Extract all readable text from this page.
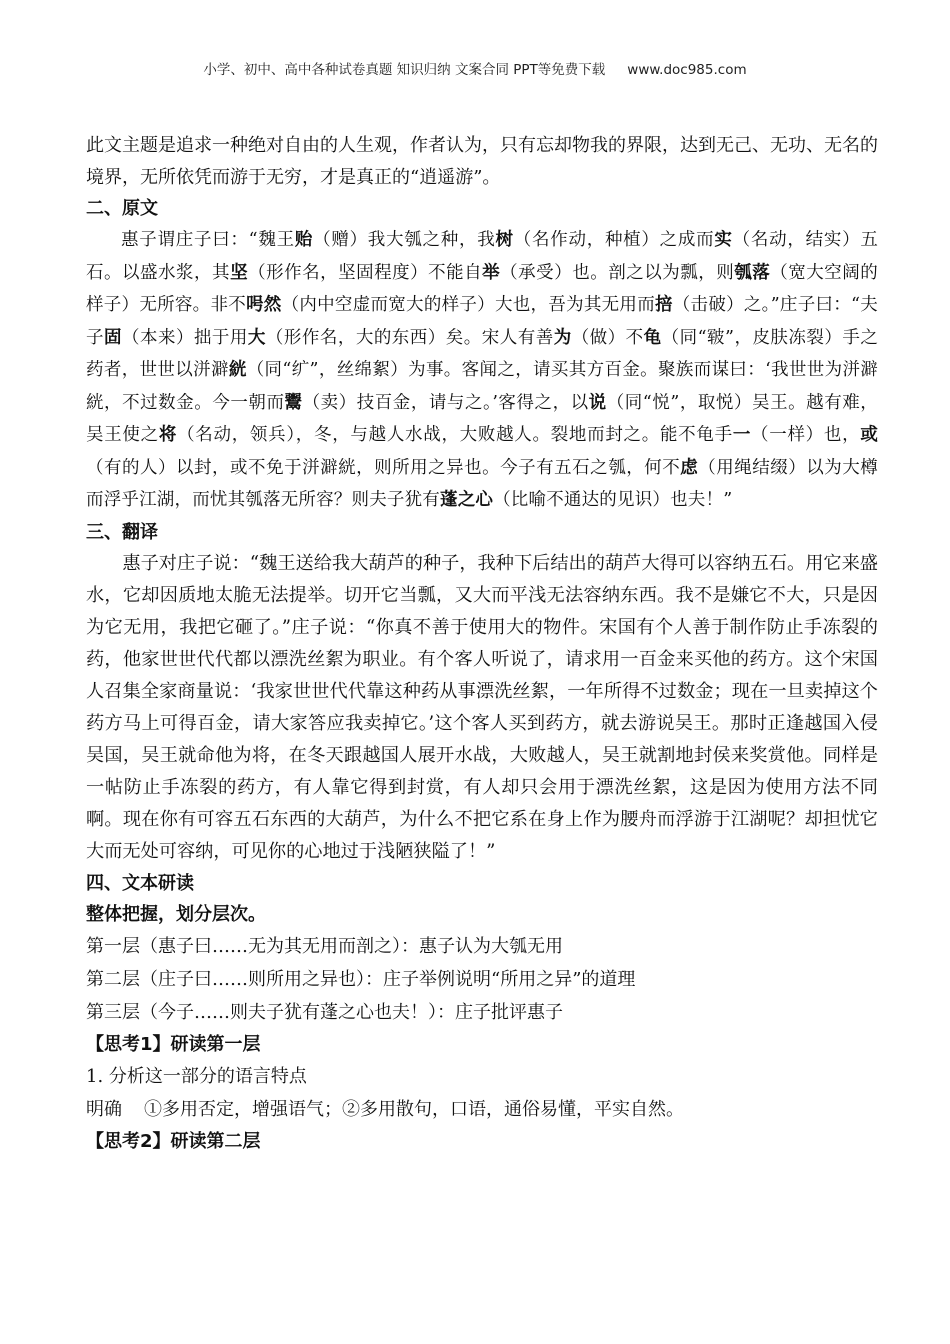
小学、初中、高中各种试卷真题 知识归纳 文案合同 PPT等免费下载 www.doc985.com

此文主题是追求一种绝对自由的人生观，作者认为，只有忘却物我的界限，达到无己、无功、无名的境界，无所依凭而游于无穷，才是真正的“逍遥游”。

二、原文

惠子谓庄子曰：“魏王贻（赠）我大瓠之种，我树（名作动，种植）之成而实（名动，结实）五石。以盛水浆，其坚（形作名，坚固程度）不能自举（承受）也。剖之以为瓢，则瓠落（宽大空阔的样子）无所容。非不呺然（内中空虚而宽大的样子）大也，吾为其无用而掊（击破）之。”庄子曰：“夫子固（本来）拙于用大（形作名，大的东西）矣。宋人有善为（做）不龟（同“皲”，皮肤冻裂）手之药者，世世以洴澼絖（同“纩”，丝绵絮）为事。客闻之，请买其方百金。聚族而谋曰：‘我世世为洴澼絖，不过数金。今一朝而鬻（卖）技百金，请与之。’客得之，以说（同“悦”，取悦）吴王。越有难，吴王使之将（名动，领兵），冬，与越人水战，大败越人。裂地而封之。能不龟手一（一样）也，或（有的人）以封，或不免于洴澼絖，则所用之异也。今子有五石之瓠，何不虑（用绳结缀）以为大樽而浮乎江湖，而忧其瓠落无所容？则夫子犹有蓬之心（比喻不通达的见识）也夫！”

三、翻译

惠子对庄子说：“魏王送给我大葫芦的种子，我种下后结出的葫芦大得可以容纳五石。用它来盛水，它却因质地太脆无法提举。切开它当瓢，又大而平浅无法容纳东西。我不是嫌它不大，只是因为它无用，我把它砸了。”庄子说：“你真不善于使用大的物件。宋国有个人善于制作防止手冻裂的药，他家世世代代都以漂洗丝絮为职业。有个客人听说了，请求用一百金来买他的药方。这个宋国人召集全家商量说：‘我家世世代代靠这种药从事漂洗丝絮，一年所得不过数金；现在一旦卖掉这个药方马上可得百金，请大家答应我卖掉它。’这个客人买到药方，就去游说吴王。那时正逢越国入侵吴国，吴王就命他为将，在冬天跟越国人展开水战，大败越人，吴王就割地封侯来奖赏他。同样是一帖防止手冻裂的药方，有人靠它得到封赏，有人却只会用于漂洗丝絮，这是因为使用方法不同啊。现在你有可容五石东西的大葫芦，为什么不把它系在身上作为腰舟而浮游于江湖呢？却担忧它大而无处可容纳，可见你的心地过于浅陋狭隘了！”

四、文本研读

整体把握，划分层次。

第一层（惠子曰……无为其无用而剖之）：惠子认为大瓠无用

第二层（庄子曰……则所用之异也）：庄子举例说明“所用之异”的道理

第三层（今子……则夫子犹有蓬之心也夫！）：庄子批评惠子

【思考1】研读第一层

1. 分析这一部分的语言特点

明确 ①多用否定，增强语气；②多用散句，口语，通俗易懂，平实自然。

【思考2】研读第二层
